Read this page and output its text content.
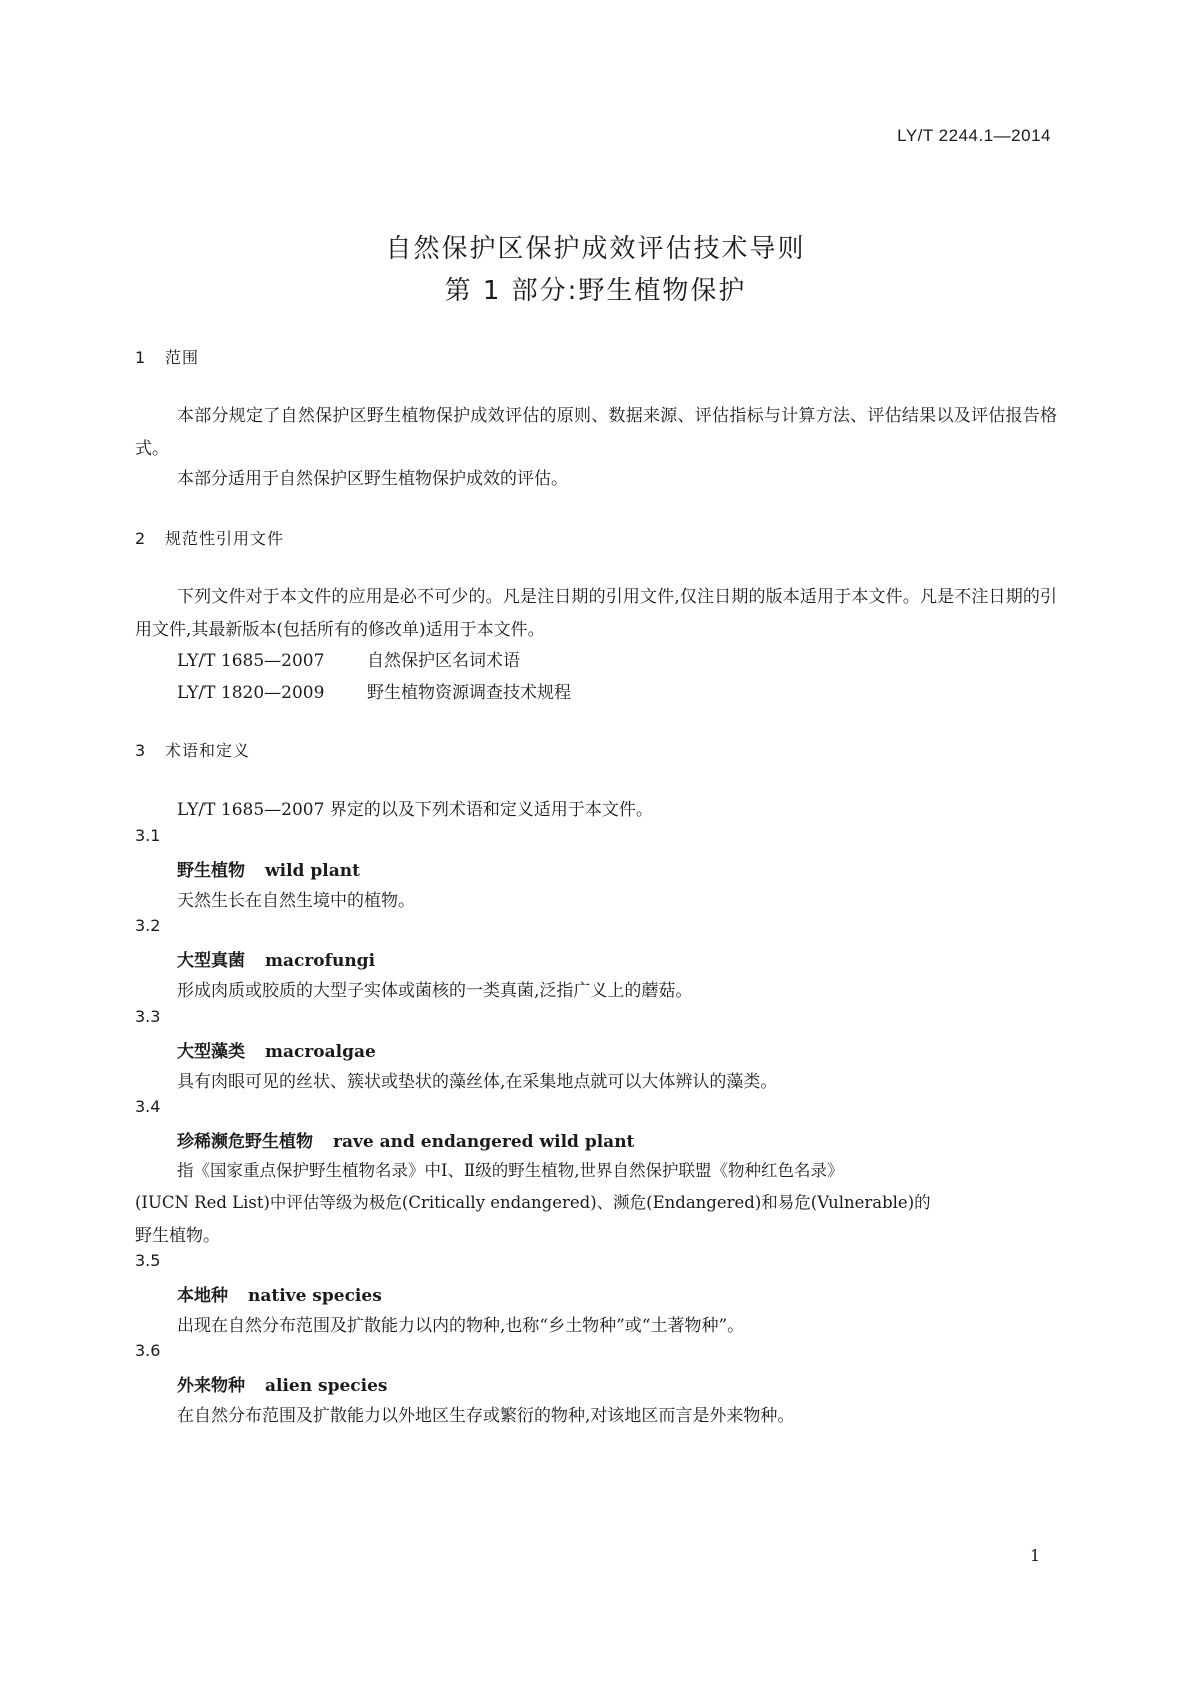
LY/T 2244.1—2014
自然保护区保护成效评估技术导则
第 1 部分:野生植物保护
1 范围
本部分规定了自然保护区野生植物保护成效评估的原则、数据来源、评估指标与计算方法、评估结果以及评估报告格式。
本部分适用于自然保护区野生植物保护成效的评估。
2 规范性引用文件
下列文件对于本文件的应用是必不可少的。凡是注日期的引用文件,仅注日期的版本适用于本文件。凡是不注日期的引用文件,其最新版本(包括所有的修改单)适用于本文件。
LY/T 1685—2007	自然保护区名词术语
LY/T 1820—2009	野生植物资源调查技术规程
3 术语和定义
LY/T 1685—2007 界定的以及下列术语和定义适用于本文件。
3.1
野生植物 wild plant
天然生长在自然生境中的植物。
3.2
大型真菌 macrofungi
形成肉质或胶质的大型子实体或菌核的一类真菌,泛指广义上的蘑菇。
3.3
大型藻类 macroalgae
具有肉眼可见的丝状、簇状或垫状的藻丝体,在采集地点就可以大体辨认的藻类。
3.4
珍稀濒危野生植物 rave and endangered wild plant
指《国家重点保护野生植物名录》中Ⅰ、Ⅱ级的野生植物,世界自然保护联盟《物种红色名录》
(IUCN Red List)中评估等级为极危(Critically endangered)、濒危(Endangered)和易危(Vulnerable)的
野生植物。
3.5
本地种 native species
出现在自然分布范围及扩散能力以内的物种,也称“乡土物种”或“土著物种”。
3.6
外来物种 alien species
在自然分布范围及扩散能力以外地区生存或繁衍的物种,对该地区而言是外来物种。
1
